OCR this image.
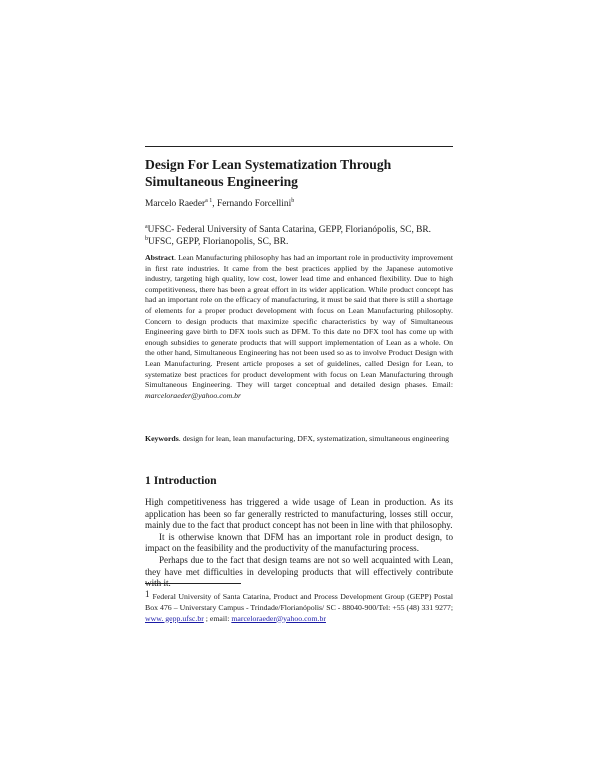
Design For Lean Systematization Through
Simultaneous Engineering
Marcelo Raeder$^{a 1}$, Fernando Forcellini$^b$
$^a$UFSC- Federal University of Santa Catarina, GEPP, Florianópolis, SC, BR.
$^b$UFSC, GEPP, Florianopolis, SC, BR.
Abstract. Lean Manufacturing philosophy has had an important role in productivity improvement in first rate industries. It came from the best practices applied by the Japanese automotive industry, targeting high quality, low cost, lower lead time and enhanced flexibility. Due to high competitiveness, there has been a great effort in its wider application. While product concept has had an important role on the efficacy of manufacturing, it must be said that there is still a shortage of elements for a proper product development with focus on Lean Manufacturing philosophy. Concern to design products that maximize specific characteristics by way of Simultaneous Engineering gave birth to DFX tools such as DFM. To this date no DFX tool has come up with enough subsidies to generate products that will support implementation of Lean as a whole. On the other hand, Simultaneous Engineering has not been used so as to involve Product Design with Lean Manufacturing. Present article proposes a set of guidelines, called Design for Lean, to systematize best practices for product development with focus on Lean Manufacturing through Simultaneous Engineering. They will target conceptual and detailed design phases. Email: marceloraeder@yahoo.com.br
Keywords. design for lean, lean manufacturing, DFX, systematization, simultaneous engineering
1 Introduction

High competitiveness has triggered a wide usage of Lean in production. As its application has been so far generally restricted to manufacturing, losses still occur, mainly due to the fact that product concept has not been in line with that philosophy.

It is otherwise known that DFM has an important role in product design, to impact on the feasibility and the productivity of the manufacturing process.

Perhaps due to the fact that design teams are not so well acquainted with Lean, they have met difficulties in developing products that will effectively contribute with it.

1 Federal University of Santa Catarina, Product and Process Development Group (GEPP) Postal Box 476 – Universtary Campus - Trindade/Florianópolis/ SC - 88040-900/Tel: +55 (48) 331 9277; www. gepp.ufsc.br ; email: marceloraeder@yahoo.com.br
